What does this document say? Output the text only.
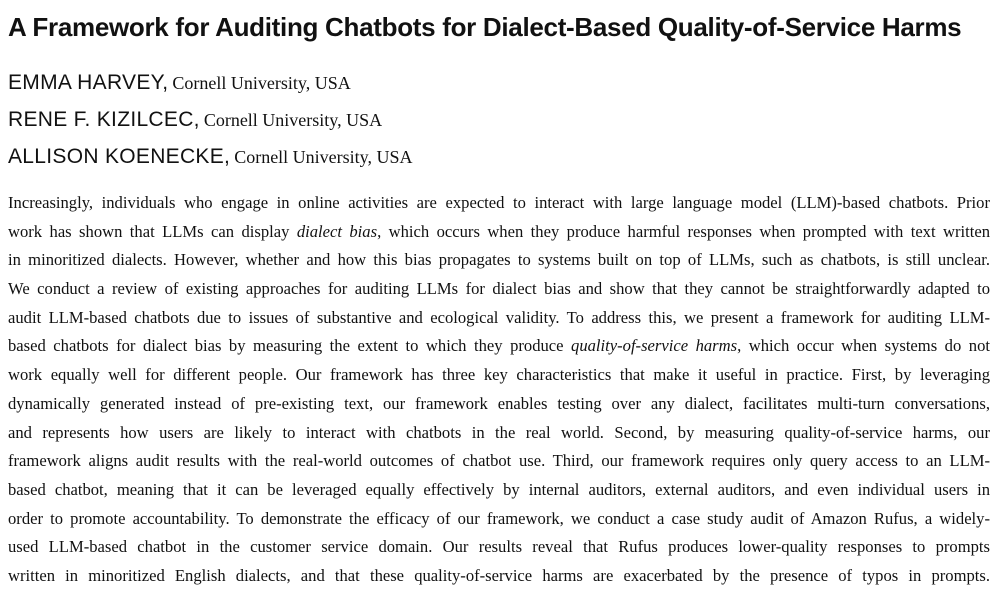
A Framework for Auditing Chatbots for Dialect-Based Quality-of-Service Harms
EMMA HARVEY, Cornell University, USA
RENE F. KIZILCEC, Cornell University, USA
ALLISON KOENECKE, Cornell University, USA
Increasingly, individuals who engage in online activities are expected to interact with large language model (LLM)-based chatbots. Prior
work has shown that LLMs can display dialect bias, which occurs when they produce harmful responses when prompted with text written
in minoritized dialects. However, whether and how this bias propagates to systems built on top of LLMs, such as chatbots, is still unclear.
We conduct a review of existing approaches for auditing LLMs for dialect bias and show that they cannot be straightforwardly adapted to
audit LLM-based chatbots due to issues of substantive and ecological validity. To address this, we present a framework for auditing LLM-
based chatbots for dialect bias by measuring the extent to which they produce quality-of-service harms, which occur when systems do not
work equally well for different people. Our framework has three key characteristics that make it useful in practice. First, by leveraging
dynamically generated instead of pre-existing text, our framework enables testing over any dialect, facilitates multi-turn conversations,
and represents how users are likely to interact with chatbots in the real world. Second, by measuring quality-of-service harms, our
framework aligns audit results with the real-world outcomes of chatbot use. Third, our framework requires only query access to an LLM-
based chatbot, meaning that it can be leveraged equally effectively by internal auditors, external auditors, and even individual users in
order to promote accountability. To demonstrate the efficacy of our framework, we conduct a case study audit of Amazon Rufus, a widely-
used LLM-based chatbot in the customer service domain. Our results reveal that Rufus produces lower-quality responses to prompts
written in minoritized English dialects, and that these quality-of-service harms are exacerbated by the presence of typos in prompts.
